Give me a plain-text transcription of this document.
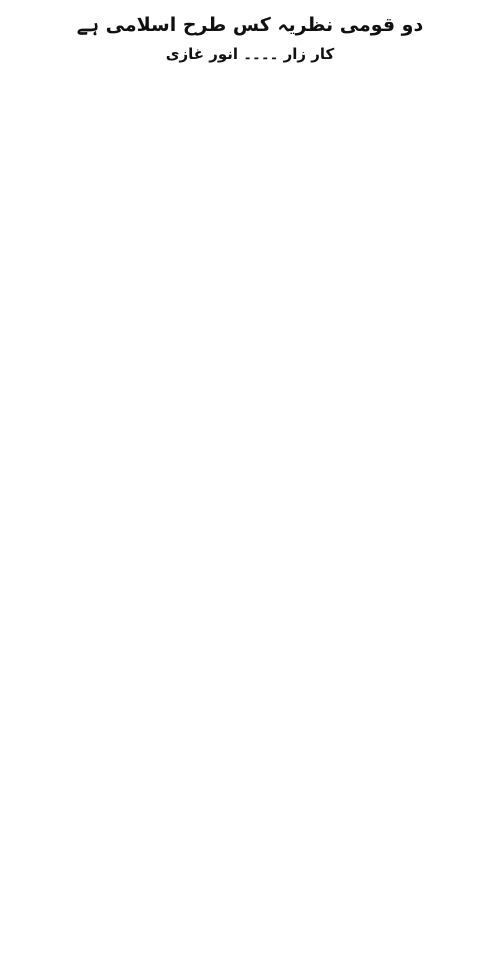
دو قومی نظریہ کس طرح اسلامی ہے
کار زار ۔۔۔۔ انور غازی
